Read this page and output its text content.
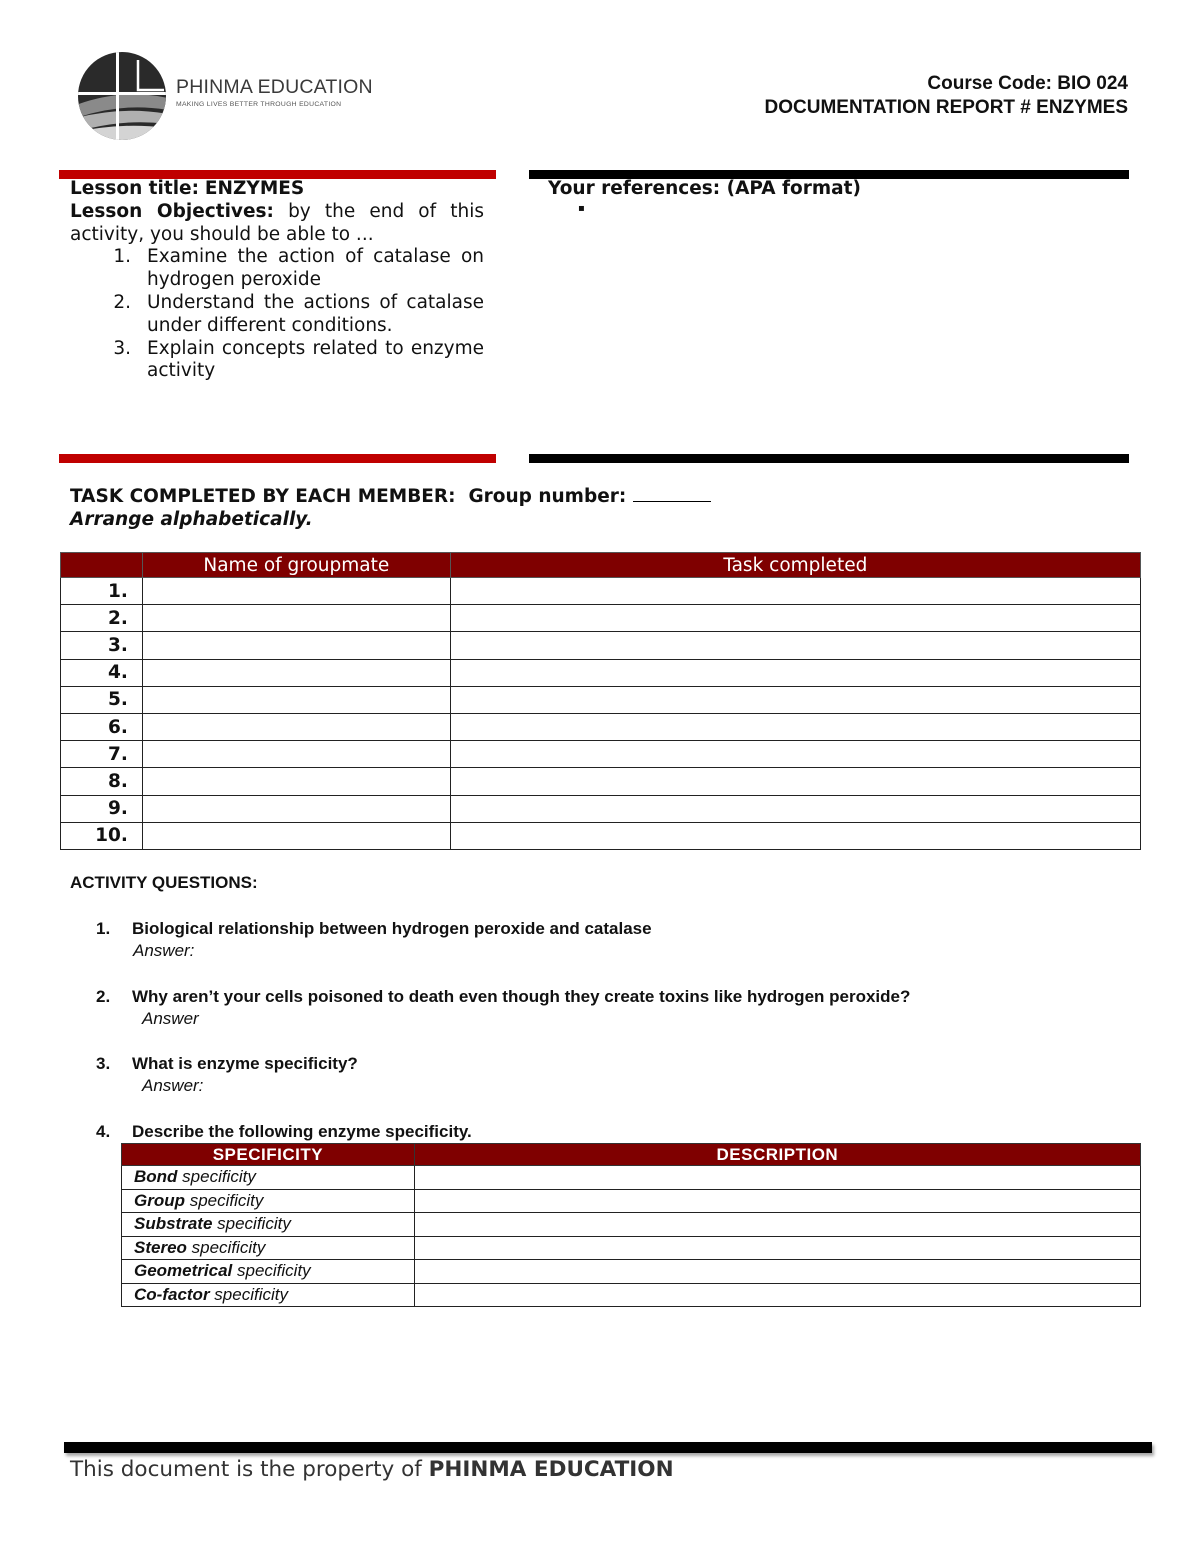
PHINMA EDUCATION
MAKING LIVES BETTER THROUGH EDUCATION
Course Code: BIO 024
DOCUMENTATION REPORT # ENZYMES
Lesson title: ENZYMES
Lesson Objectives: by the end of this activity, you should be able to ...
1. Examine the action of catalase on hydrogen peroxide
2. Understand the actions of catalase under different conditions.
3. Explain concepts related to enzyme activity
Your references: (APA format)
▪
TASK COMPLETED BY EACH MEMBER: Group number:
Arrange alphabetically.
	Name of groupmate	Task completed
1.		
2.		
3.		
4.		
5.		
6.		
7.		
8.		
9.		
10.		
ACTIVITY QUESTIONS:
1. Biological relationship between hydrogen peroxide and catalase
Answer:
2. Why aren’t your cells poisoned to death even though they create toxins like hydrogen peroxide?
Answer
3. What is enzyme specificity?
Answer:
4. Describe the following enzyme specificity.
SPECIFICITY	DESCRIPTION
Bond specificity	
Group specificity	
Substrate specificity	
Stereo specificity	
Geometrical specificity	
Co-factor specificity	
This document is the property of PHINMA EDUCATION
